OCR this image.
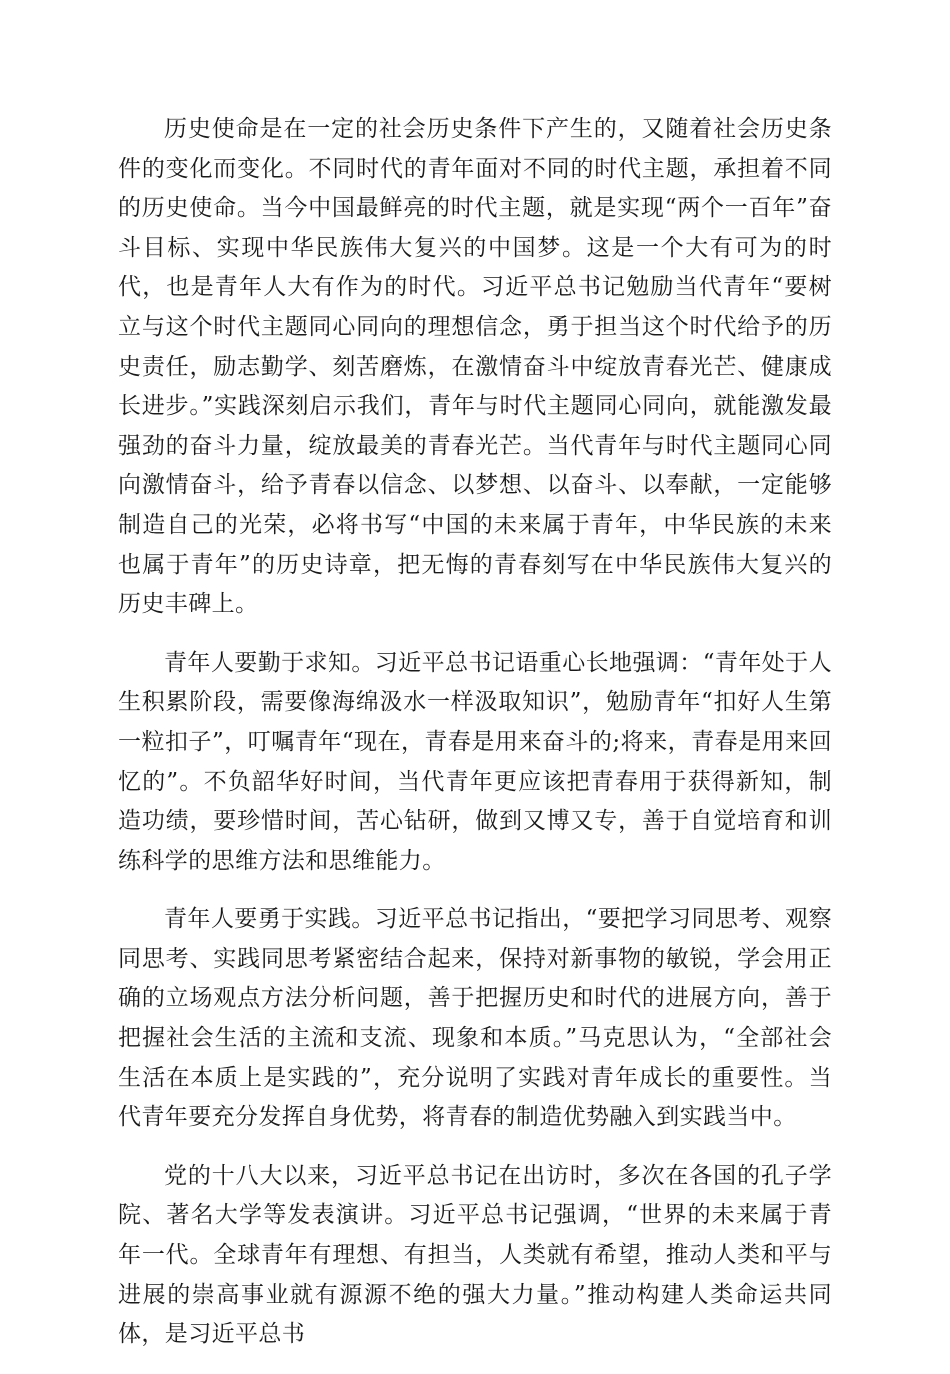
历史使命是在一定的社会历史条件下产生的，又随着社会历史条件的变化而变化。不同时代的青年面对不同的时代主题，承担着不同的历史使命。当今中国最鲜亮的时代主题，就是实现“两个一百年”奋斗目标、实现中华民族伟大复兴的中国梦。这是一个大有可为的时代，也是青年人大有作为的时代。习近平总书记勉励当代青年“要树立与这个时代主题同心同向的理想信念，勇于担当这个时代给予的历史责任，励志勤学、刻苦磨炼，在激情奋斗中绽放青春光芒、健康成长进步。”实践深刻启示我们，青年与时代主题同心同向，就能激发最强劲的奋斗力量，绽放最美的青春光芒。当代青年与时代主题同心同向激情奋斗，给予青春以信念、以梦想、以奋斗、以奉献，一定能够制造自己的光荣，必将书写“中国的未来属于青年，中华民族的未来也属于青年”的历史诗章，把无悔的青春刻写在中华民族伟大复兴的历史丰碑上。

青年人要勤于求知。习近平总书记语重心长地强调：“青年处于人生积累阶段，需要像海绵汲水一样汲取知识”，勉励青年“扣好人生第一粒扣子”，叮嘱青年“现在，青春是用来奋斗的;将来，青春是用来回忆的”。不负韶华好时间，当代青年更应该把青春用于获得新知，制造功绩，要珍惜时间，苦心钻研，做到又博又专，善于自觉培育和训练科学的思维方法和思维能力。

青年人要勇于实践。习近平总书记指出，“要把学习同思考、观察同思考、实践同思考紧密结合起来，保持对新事物的敏锐，学会用正确的立场观点方法分析问题，善于把握历史和时代的进展方向，善于把握社会生活的主流和支流、现象和本质。”马克思认为，“全部社会生活在本质上是实践的”，充分说明了实践对青年成长的重要性。当代青年要充分发挥自身优势，将青春的制造优势融入到实践当中。

党的十八大以来，习近平总书记在出访时，多次在各国的孔子学院、著名大学等发表演讲。习近平总书记强调，“世界的未来属于青年一代。全球青年有理想、有担当，人类就有希望，推动人类和平与进展的崇高事业就有源源不绝的强大力量。”推动构建人类命运共同体，是习近平总书
